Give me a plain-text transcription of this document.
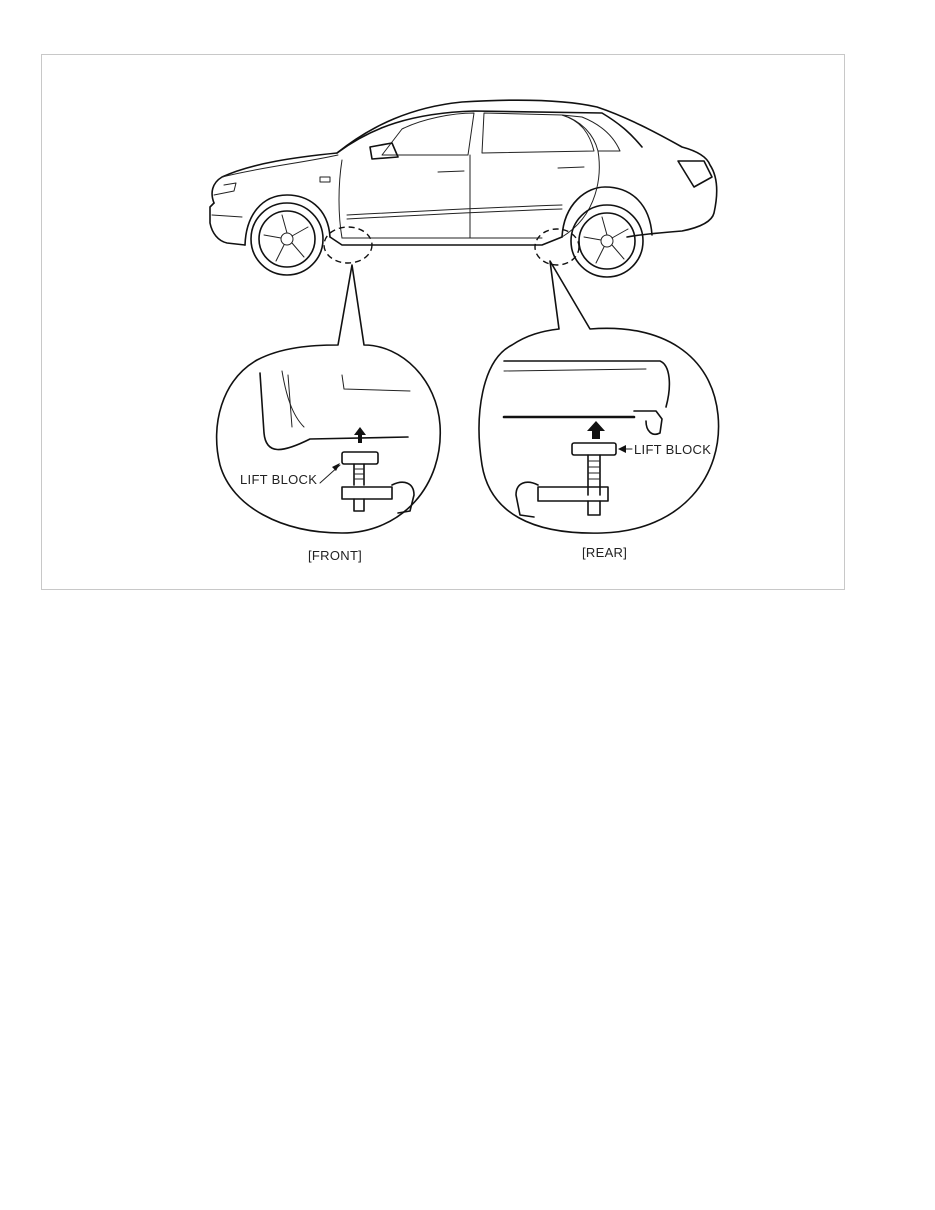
LIFT BLOCK
[FRONT]
LIFT BLOCK
[REAR]
